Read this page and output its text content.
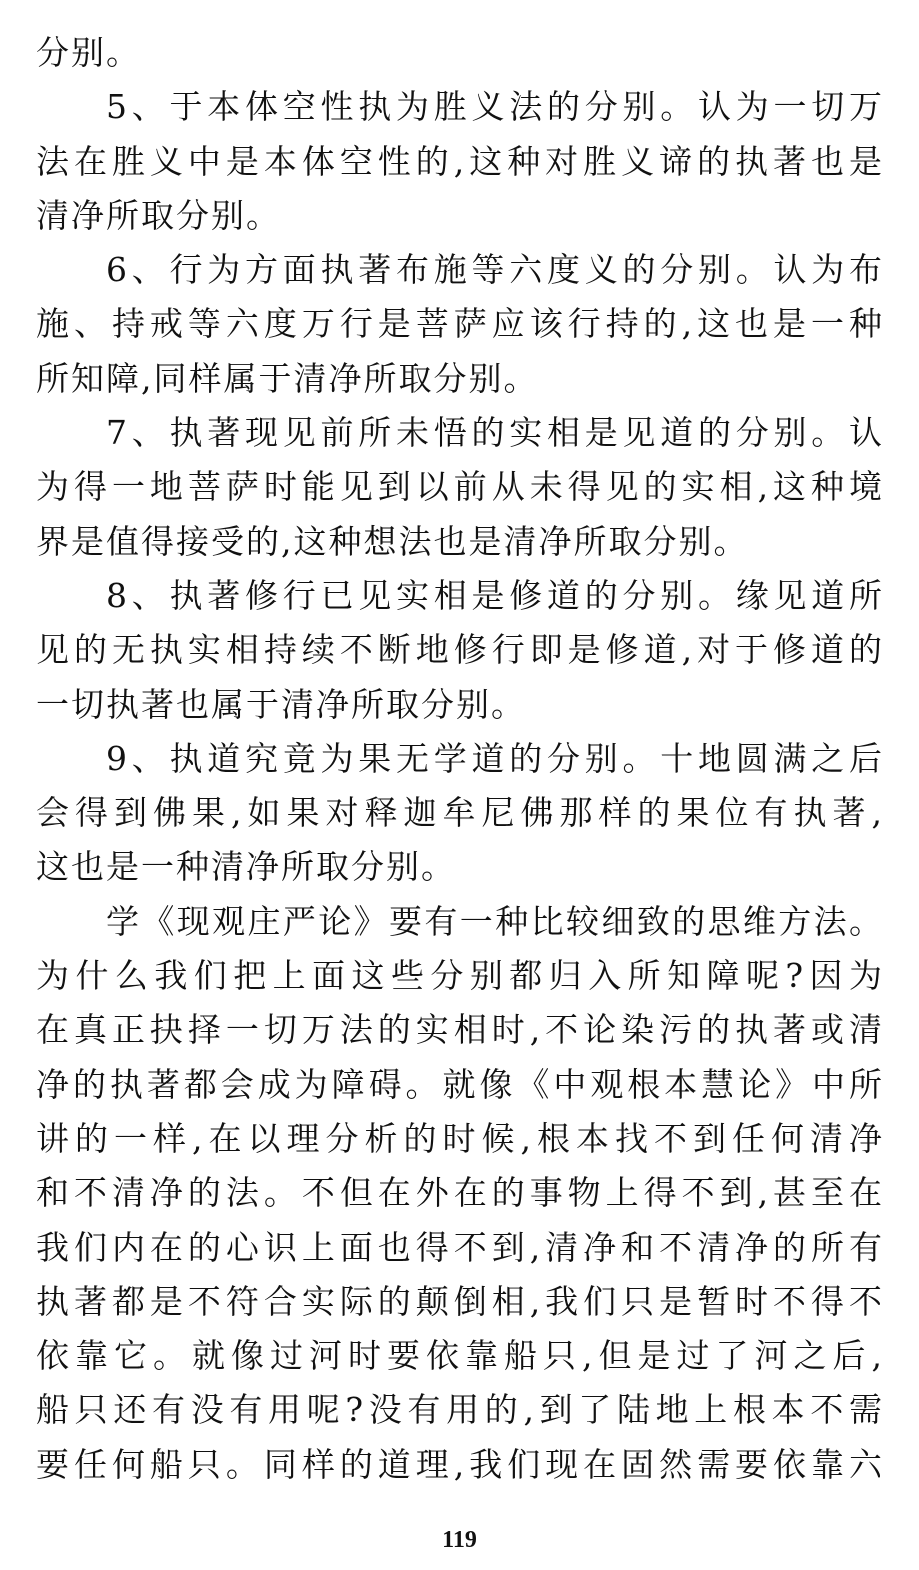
分别。
5、于本体空性执为胜义法的分别。认为一切万
法在胜义中是本体空性的,这种对胜义谛的执著也是
清净所取分别。
6、行为方面执著布施等六度义的分别。认为布
施、持戒等六度万行是菩萨应该行持的,这也是一种
所知障,同样属于清净所取分别。
7、执著现见前所未悟的实相是见道的分别。认
为得一地菩萨时能见到以前从未得见的实相,这种境
界是值得接受的,这种想法也是清净所取分别。
8、执著修行已见实相是修道的分别。缘见道所
见的无执实相持续不断地修行即是修道,对于修道的
一切执著也属于清净所取分别。
9、执道究竟为果无学道的分别。十地圆满之后
会得到佛果,如果对释迦牟尼佛那样的果位有执著,
这也是一种清净所取分别。
学《现观庄严论》要有一种比较细致的思维方法。
为什么我们把上面这些分别都归入所知障呢?因为
在真正抉择一切万法的实相时,不论染污的执著或清
净的执著都会成为障碍。就像《中观根本慧论》中所
讲的一样,在以理分析的时候,根本找不到任何清净
和不清净的法。不但在外在的事物上得不到,甚至在
我们内在的心识上面也得不到,清净和不清净的所有
执著都是不符合实际的颠倒相,我们只是暂时不得不
依靠它。就像过河时要依靠船只,但是过了河之后,
船只还有没有用呢?没有用的,到了陆地上根本不需
要任何船只。同样的道理,我们现在固然需要依靠六
119
